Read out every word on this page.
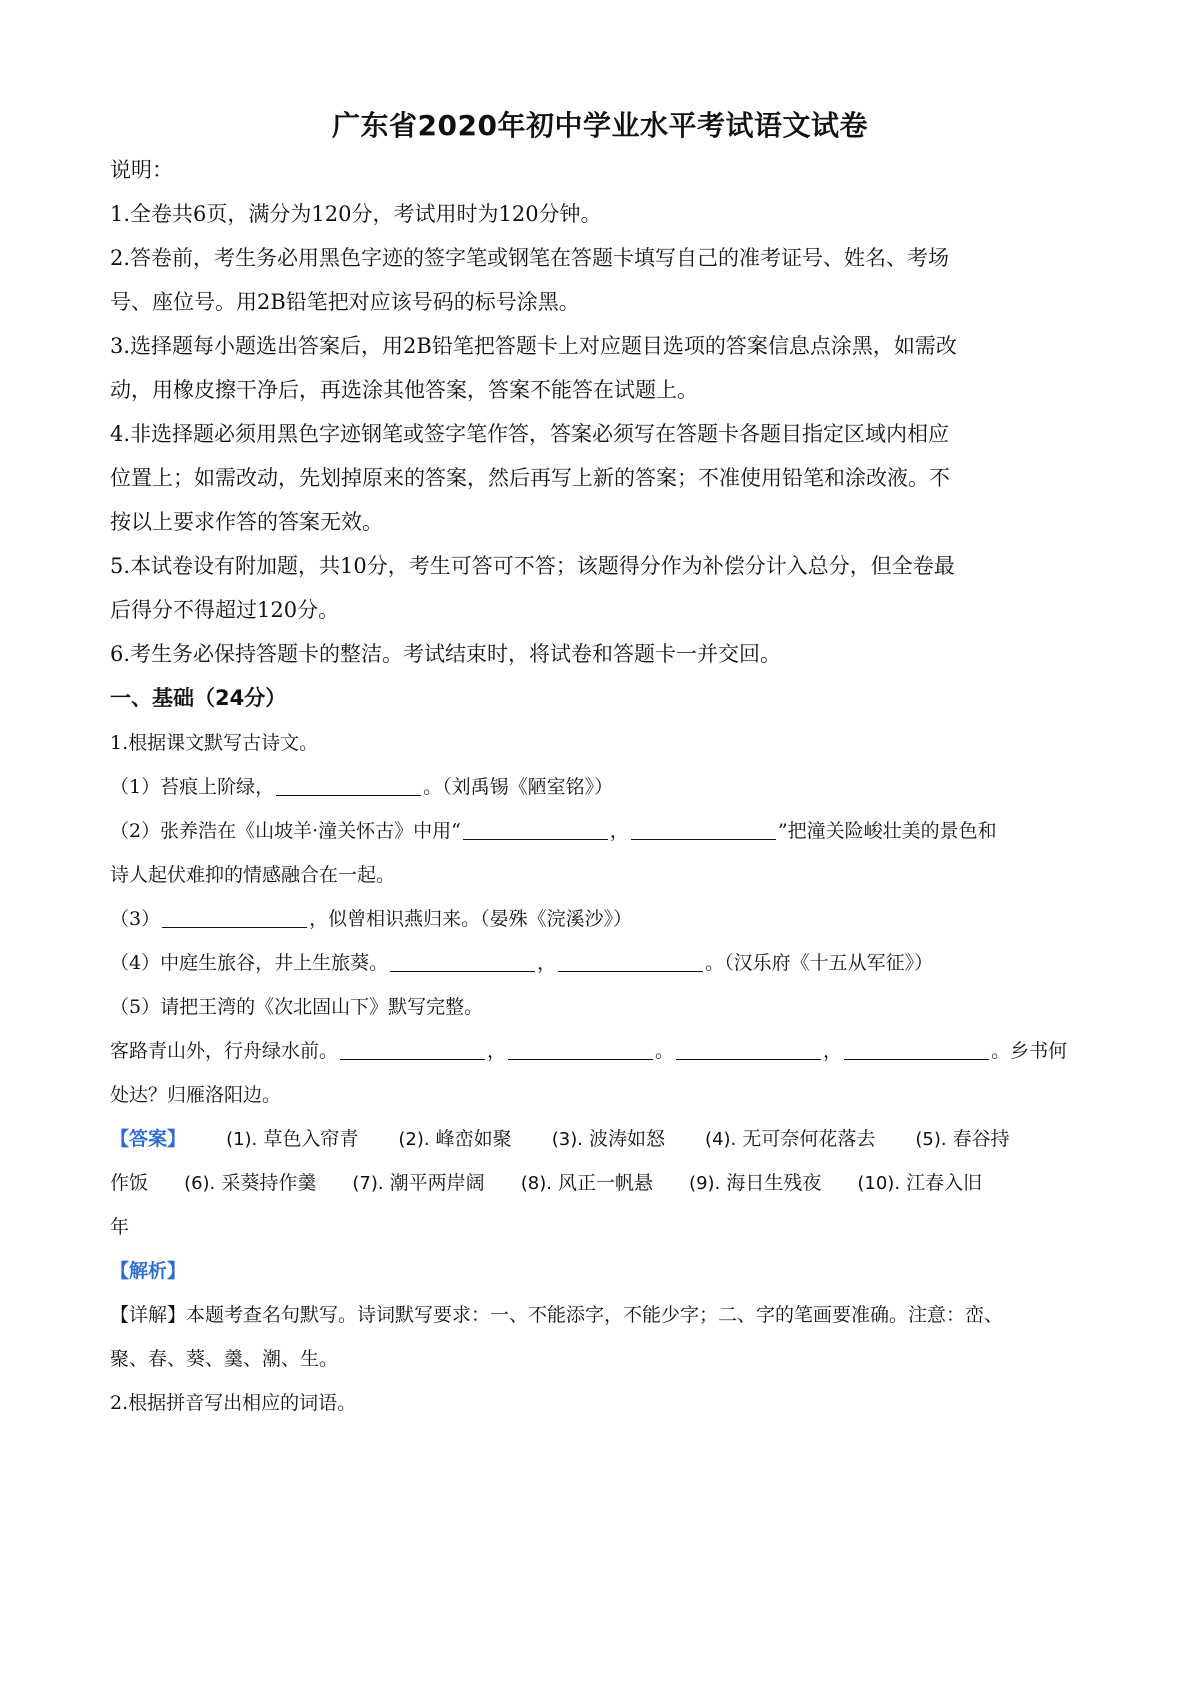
广东省2020年初中学业水平考试语文试卷
说明：
1.全卷共6页，满分为120分，考试用时为120分钟。
2.答卷前，考生务必用黑色字迹的签字笔或钢笔在答题卡填写自己的准考证号、姓名、考场
号、座位号。用2B铅笔把对应该号码的标号涂黑。
3.选择题每小题选出答案后，用2B铅笔把答题卡上对应题目选项的答案信息点涂黑，如需改
动，用橡皮擦干净后，再选涂其他答案，答案不能答在试题上。
4.非选择题必须用黑色字迹钢笔或签字笔作答，答案必须写在答题卡各题目指定区域内相应
位置上；如需改动，先划掉原来的答案，然后再写上新的答案；不准使用铅笔和涂改液。不
按以上要求作答的答案无效。
5.本试卷设有附加题，共10分，考生可答可不答；该题得分作为补偿分计入总分，但全卷最
后得分不得超过120分。
6.考生务必保持答题卡的整洁。考试结束时，将试卷和答题卡一并交回。
一、基础（24分）
1.根据课文默写古诗文。
（1）苔痕上阶绿，	。（刘禹锡《陋室铭》）
（2）张养浩在《山坡羊·潼关怀古》中用“	，	”把潼关险峻壮美的景色和
诗人起伏难抑的情感融合在一起。
（3）	，似曾相识燕归来。（晏殊《浣溪沙》）
（4）中庭生旅谷，井上生旅葵。	，	。（汉乐府《十五从军征》）
（5）请把王湾的《次北固山下》默写完整。
客路青山外，行舟绿水前。	，	。	，	。乡书何
处达？归雁洛阳边。
【答案】 (1). 草色入帘青 (2). 峰峦如聚 (3). 波涛如怒 (4). 无可奈何花落去 (5). 春谷持
作饭 (6). 采葵持作羹 (7). 潮平两岸阔 (8). 风正一帆悬 (9). 海日生残夜 (10). 江春入旧
年
【解析】
【详解】本题考查名句默写。诗词默写要求：一、不能添字，不能少字；二、字的笔画要准确。注意：峦、
聚、春、葵、羹、潮、生。
2.根据拼音写出相应的词语。
